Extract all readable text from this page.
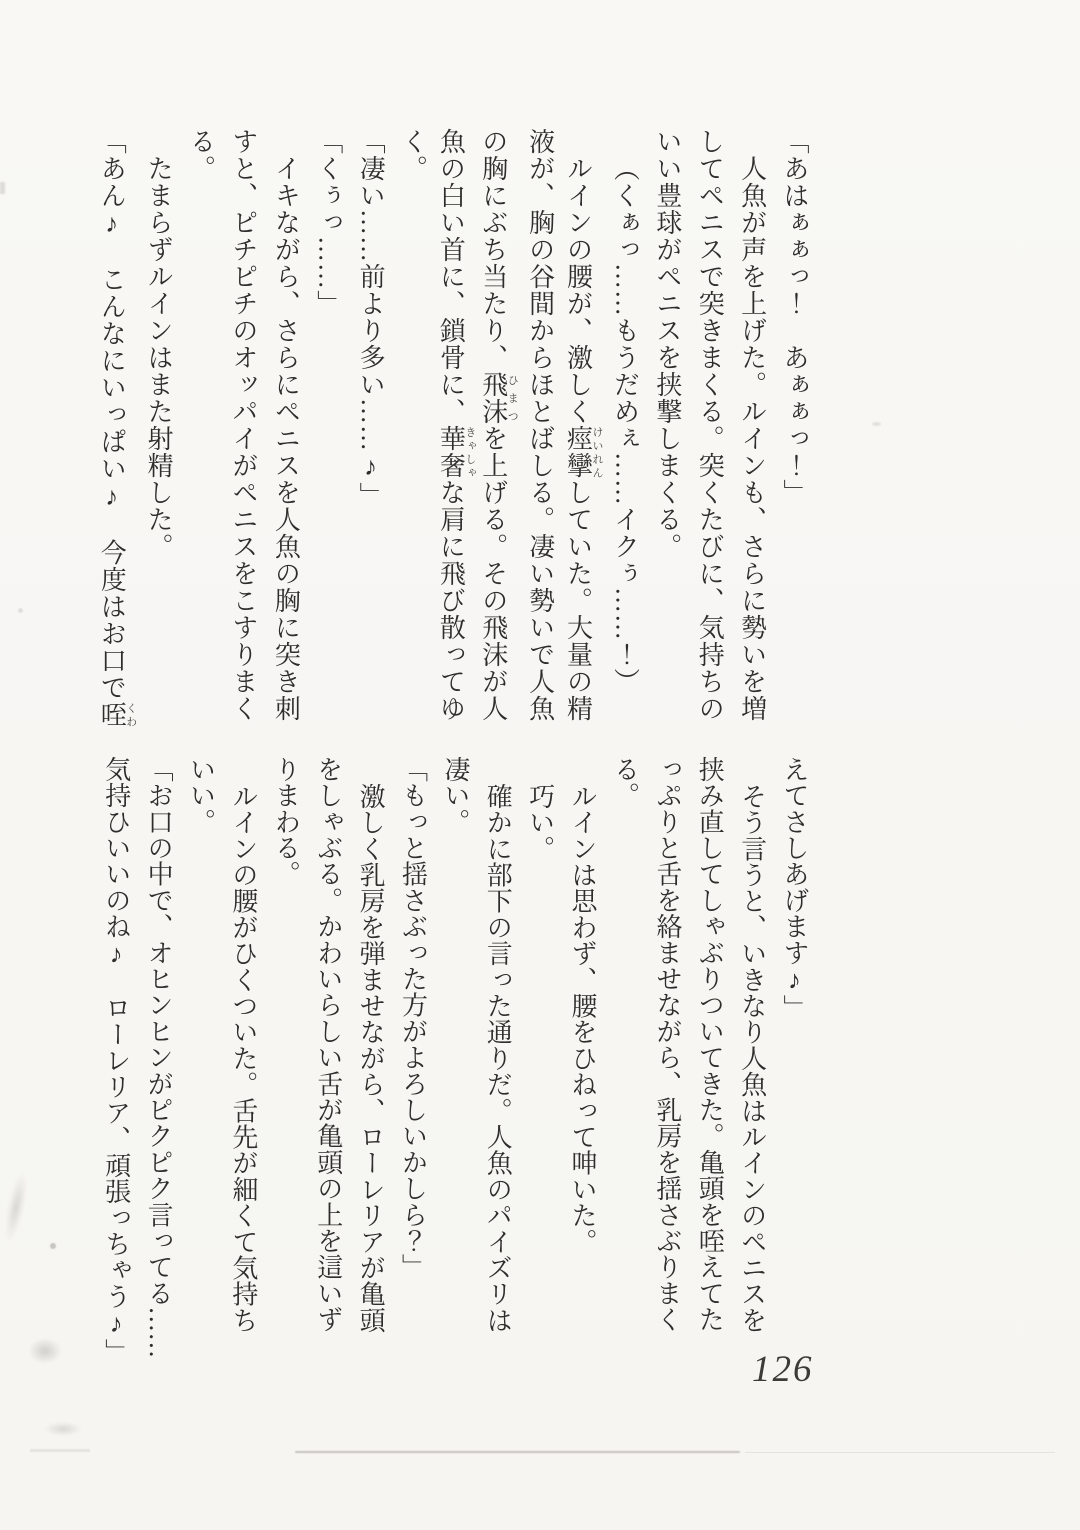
「あはぁぁっ！　あぁぁっ！」
人魚が声を上げた。ルインも、さらに勢いを増
してペニスで突きまくる。突くたびに、気持ちの
いい豊球がペニスを挟撃しまくる。
（くぁっ……もうだめぇ……イクぅ……！）
ルインの腰が、激しく痙攣けいれんしていた。大量の精
液が、胸の谷間からほとばしる。凄い勢いで人魚
の胸にぶち当たり、飛沫ひまつを上げる。その飛沫が人
魚の白い首に、鎖骨に、華奢きゃしゃな肩に飛び散ってゆ
く。
「凄い……前より多い……♪」
「くぅっ……」
イキながら、さらにペニスを人魚の胸に突き刺
すと、ピチピチのオッパイがペニスをこすりまく
る。
たまらずルインはまた射精した。
「あん♪　こんなにいっぱい♪　今度はお口で咥くわ
えてさしあげます♪」
そう言うと、いきなり人魚はルインのペニスを
挟み直してしゃぶりついてきた。亀頭を咥えてた
っぷりと舌を絡ませながら、乳房を揺さぶりまく
る。
ルインは思わず、腰をひねって呻いた。
巧い。
確かに部下の言った通りだ。人魚のパイズリは
凄い。
「もっと揺さぶった方がよろしいかしら？」
激しく乳房を弾ませながら、ローレリアが亀頭
をしゃぶる。かわいらしい舌が亀頭の上を這いず
りまわる。
ルインの腰がひくついた。舌先が細くて気持ち
いい。
「お口の中で、オヒンヒンがピクピク言ってる……
気持ひいいのね♪　ローレリア、頑張っちゃう♪」
126
